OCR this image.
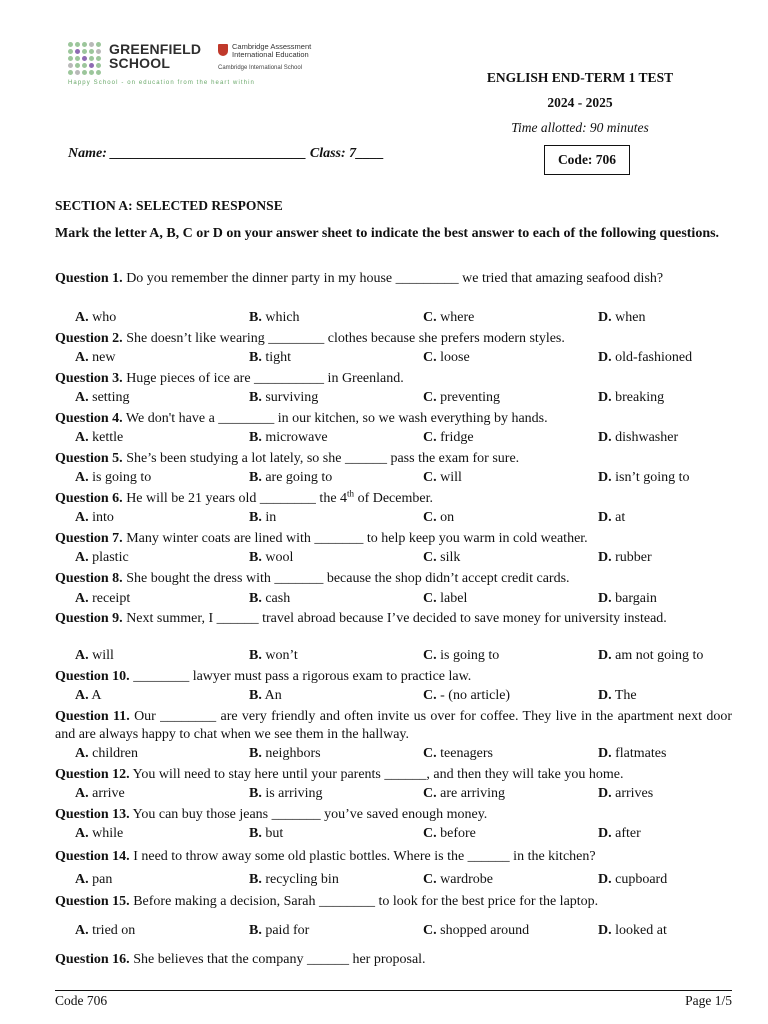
GREENFIELD
SCHOOL
Cambridge Assessment
International Education
Cambridge International School
Happy School - on education from the heart within	ENGLISH END-TERM 1 TEST
2024 - 2025
Time allotted: 90 minutes
Code: 706
Name: ____________________________ Class: 7____
SECTION A: SELECTED RESPONSE
Mark the letter A, B, C or D on your answer sheet to indicate the best answer to each of the following questions.
Question 1. Do you remember the dinner party in my house _________ we tried that amazing seafood dish?
A. who	B. which	C. where	D. when
Question 2. She doesn’t like wearing ________ clothes because she prefers modern styles.
A. new	B. tight	C. loose	D. old-fashioned
Question 3. Huge pieces of ice are __________ in Greenland.
A. setting	B. surviving	C. preventing	D. breaking
Question 4. We don't have a ________ in our kitchen, so we wash everything by hands.
A. kettle	B. microwave	C. fridge	D. dishwasher
Question 5. She’s been studying a lot lately, so she ______ pass the exam for sure.
A. is going to	B. are going to	C. will	D. isn’t going to
Question 6. He will be 21 years old ________ the 4th of December.
A. into	B. in	C. on	D. at
Question 7. Many winter coats are lined with _______ to help keep you warm in cold weather.
A. plastic	B. wool	C. silk	D. rubber
Question 8. She bought the dress with _______ because the shop didn’t accept credit cards.
A. receipt	B. cash	C. label	D. bargain
Question 9. Next summer, I ______ travel abroad because I’ve decided to save money for university instead.
A. will	B. won’t	C. is going to	D. am not going to
Question 10. ________ lawyer must pass a rigorous exam to practice law.
A. A	B. An	C. - (no article)	D. The
Question 11. Our ________ are very friendly and often invite us over for coffee. They live in the apartment next door and are always happy to chat when we see them in the hallway.
A. children	B. neighbors	C. teenagers	D. flatmates
Question 12. You will need to stay here until your parents ______, and then they will take you home.
A. arrive	B. is arriving	C. are arriving	D. arrives
Question 13. You can buy those jeans _______ you’ve saved enough money.
A. while	B. but	C. before	D. after
Question 14. I need to throw away some old plastic bottles. Where is the ______ in the kitchen?
A. pan	B. recycling bin	C. wardrobe	D. cupboard
Question 15. Before making a decision, Sarah ________ to look for the best price for the laptop.
A. tried on	B. paid for	C. shopped around	D. looked at
Question 16. She believes that the company ______ her proposal.
Code 706	Page 1/5
